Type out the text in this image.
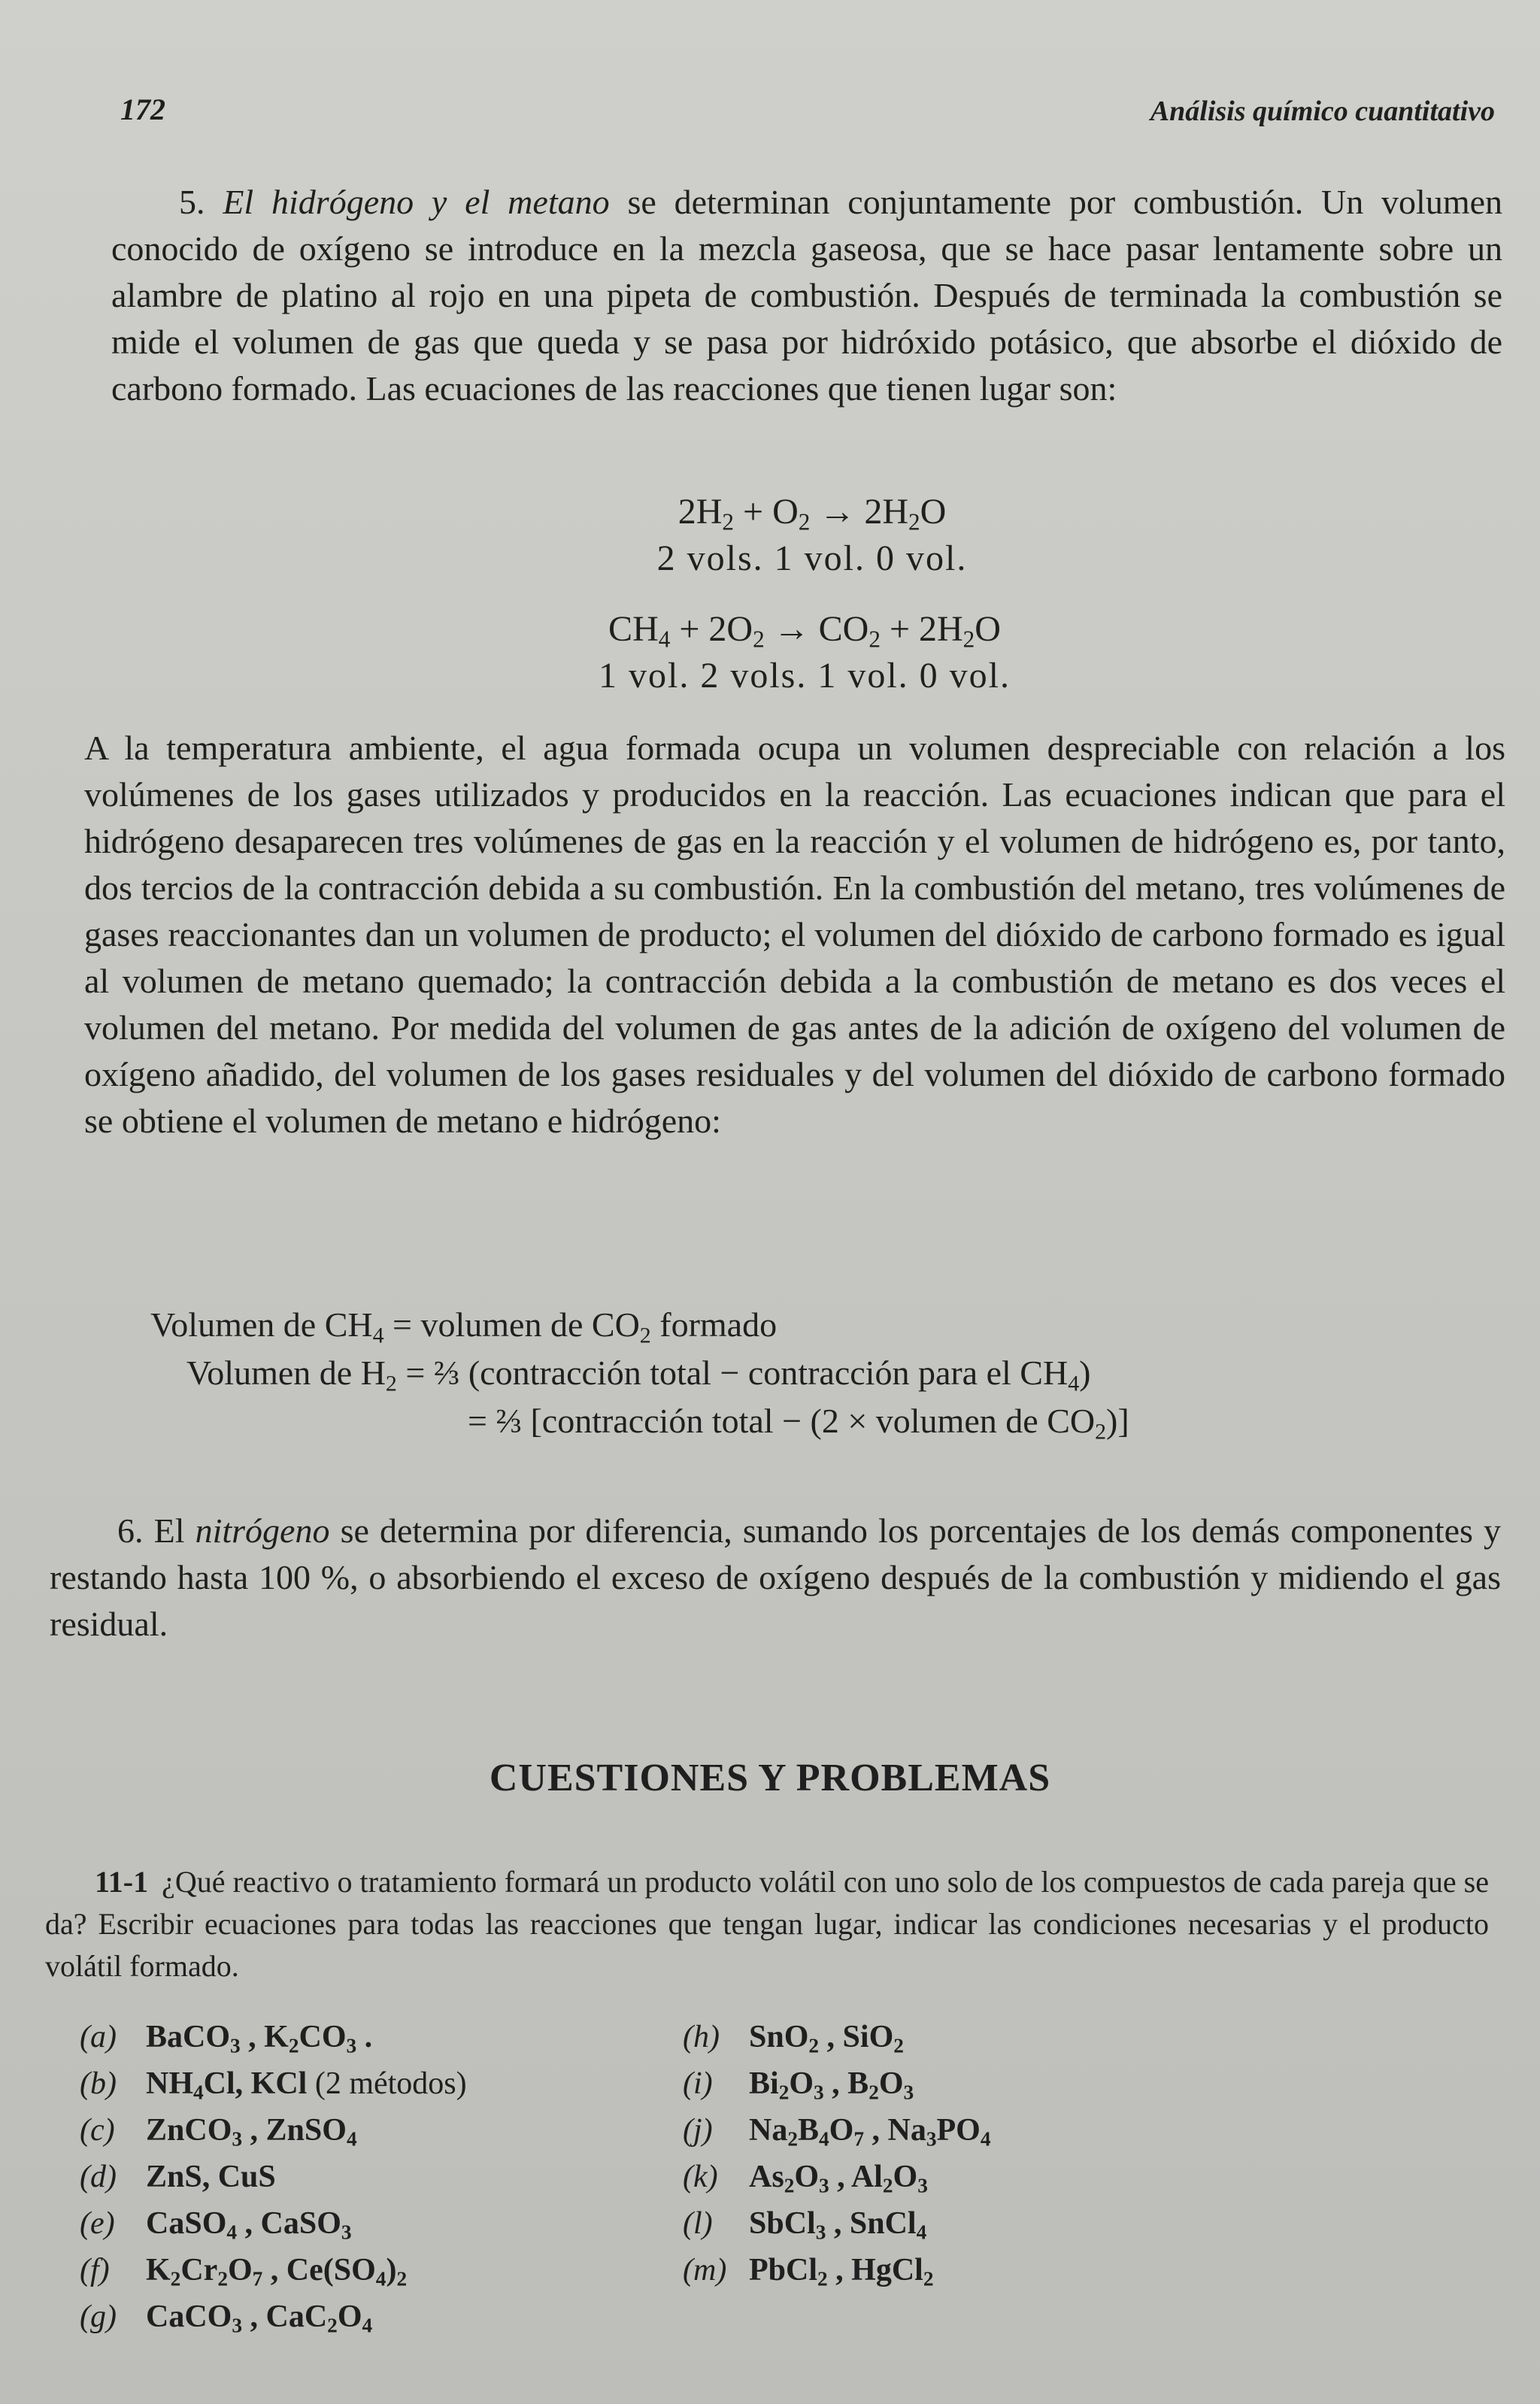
172	Análisis químico cuantitativo

5. El hidrógeno y el metano se determinan conjuntamente por combustión. Un volumen conocido de oxígeno se introduce en la mezcla gaseosa, que se hace pasar lentamente sobre un alambre de platino al rojo en una pipeta de combustión. Después de terminada la combustión se mide el volumen de gas que queda y se pasa por hidróxido potásico, que absorbe el dióxido de carbono formado. Las ecuaciones de las reacciones que tienen lugar son:

$2H_2 + O_2 \to 2H_2O$
2 vols. 1 vol. 0 vol.
$CH_4 + 2O_2 \to CO_2 + 2H_2O$
1 vol. 2 vols. 1 vol. 0 vol.

A la temperatura ambiente, el agua formada ocupa un volumen despreciable con relación a los volúmenes de los gases utilizados y producidos en la reacción. Las ecuaciones indican que para el hidrógeno desaparecen tres volúmenes de gas en la reacción y el volumen de hidrógeno es, por tanto, dos tercios de la contracción debida a su combustión. En la combustión del metano, tres volúmenes de gases reaccionantes dan un volumen de producto; el volumen del dióxido de carbono formado es igual al volumen de metano quemado; la contracción debida a la combustión de metano es dos veces el volumen del metano. Por medida del volumen de gas antes de la adición de oxígeno del volumen de oxígeno añadido, del volumen de los gases residuales y del volumen del dióxido de carbono formado se obtiene el volumen de metano e hidrógeno:

Volumen de $CH_4$ = volumen de $CO_2$ formado
Volumen de $H_2$ = ⅔ (contracción total − contracción para el $CH_4$)
= ⅔ [contracción total − (2 × volumen de $CO_2$)]

6. El nitrógeno se determina por diferencia, sumando los porcentajes de los demás componentes y restando hasta 100 %, o absorbiendo el exceso de oxígeno después de la combustión y midiendo el gas residual.

CUESTIONES Y PROBLEMAS
11-1 ¿Qué reactivo o tratamiento formará un producto volátil con uno solo de los compuestos de cada pareja que se da? Escribir ecuaciones para todas las reacciones que tengan lugar, indicar las condiciones necesarias y el producto volátil formado.
(a) BaCO$_3$ , $K_2CO_3$ .
(b) $NH_4Cl$, KCl (2 métodos)
(c) ZnCO$_3$ , ZnSO$_4$
(d) ZnS, CuS
(e) CaSO$_4$ , CaSO$_3$
(f) $K_2Cr_2O_7$ , $Ce(SO_4)_2$
(g) CaCO$_3$ , $CaC_2O_4$
(h) SnO$_2$ , SiO$_2$
(i) $Bi_2O_3$ , $B_2O_3$
(j) $Na_2B_4O_7$ , $Na_3PO_4$
(k) $As_2O_3$ , $Al_2O_3$
(l) SbCl$_3$ , SnCl$_4$
(m) PbCl$_2$ , HgCl$_2$
